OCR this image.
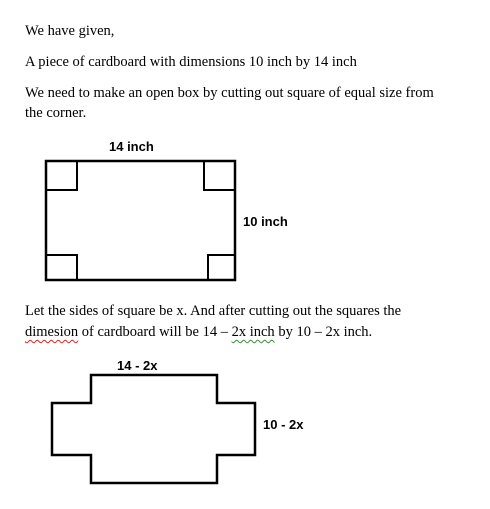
We have given,

A piece of cardboard with dimensions 10 inch by 14 inch

We need to make an open box by cutting out square of equal size from

the corner.

14 inch
10 inch
14 - 2x
10 - 2x

Let the sides of square be x. And after cutting out the squares the

dimesion of cardboard will be 14 – 2x inch by 10 – 2x inch.
